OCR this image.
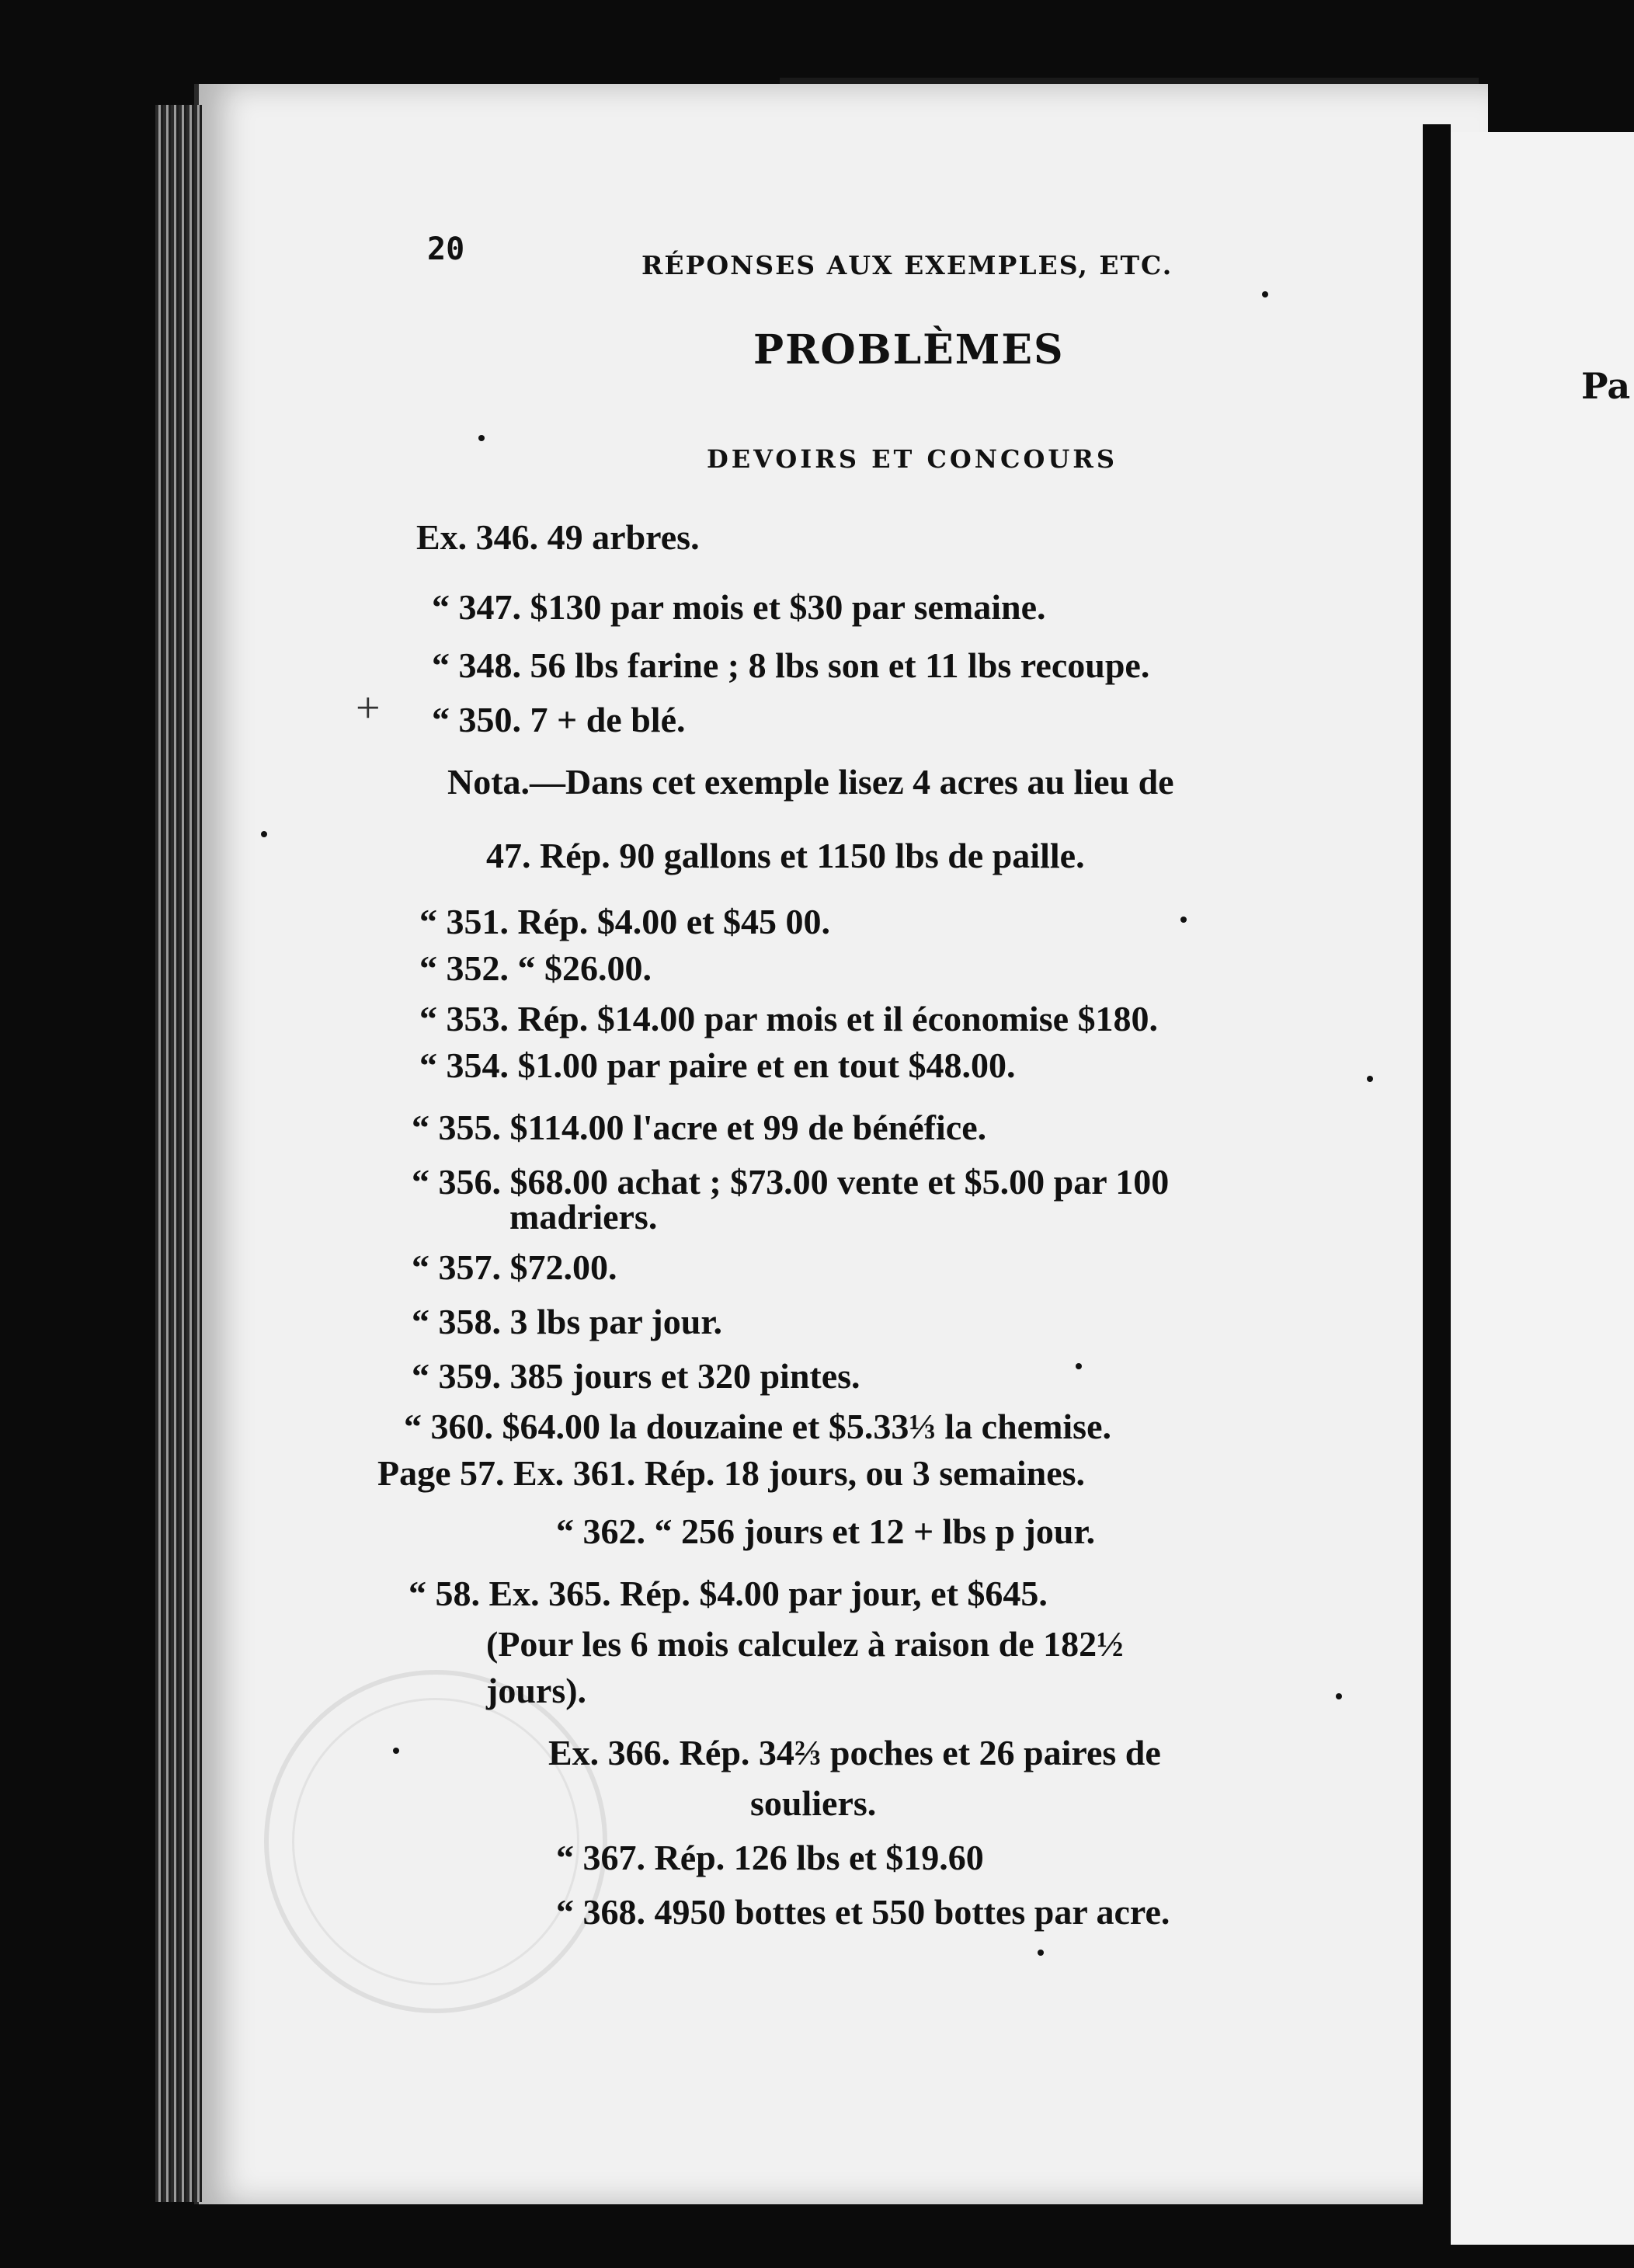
Pa
20	RÉPONSES AUX EXEMPLES, ETC.
PROBLÈMES
DEVOIRS ET CONCOURS
+
Ex. 346. 49 arbres.
“ 347. $130 par mois et $30 par semaine.
“ 348. 56 lbs farine ; 8 lbs son et 11 lbs recoupe.
“ 350. 7 + de blé.
Nota.—Dans cet exemple lisez 4 acres au lieu de
47. Rép. 90 gallons et 1150 lbs de paille.
“ 351. Rép. $4.00 et $45 00.
“ 352. “ $26.00.
“ 353. Rép. $14.00 par mois et il économise $180.
“ 354. $1.00 par paire et en tout $48.00.
“ 355. $114.00 l'acre et 99 de bénéfice.
“ 356. $68.00 achat ; $73.00 vente et $5.00 par 100
madriers.
“ 357. $72.00.
“ 358. 3 lbs par jour.
“ 359. 385 jours et 320 pintes.
“ 360. $64.00 la douzaine et $5.33⅓ la chemise.
Page 57. Ex. 361. Rép. 18 jours, ou 3 semaines.
“ 362. “ 256 jours et 12 + lbs p jour.
“ 58. Ex. 365. Rép. $4.00 par jour, et $645.
(Pour les 6 mois calculez à raison de 182½
jours).
Ex. 366. Rép. 34⅔ poches et 26 paires de
souliers.
“ 367. Rép. 126 lbs et $19.60
“ 368. 4950 bottes et 550 bottes par acre.
